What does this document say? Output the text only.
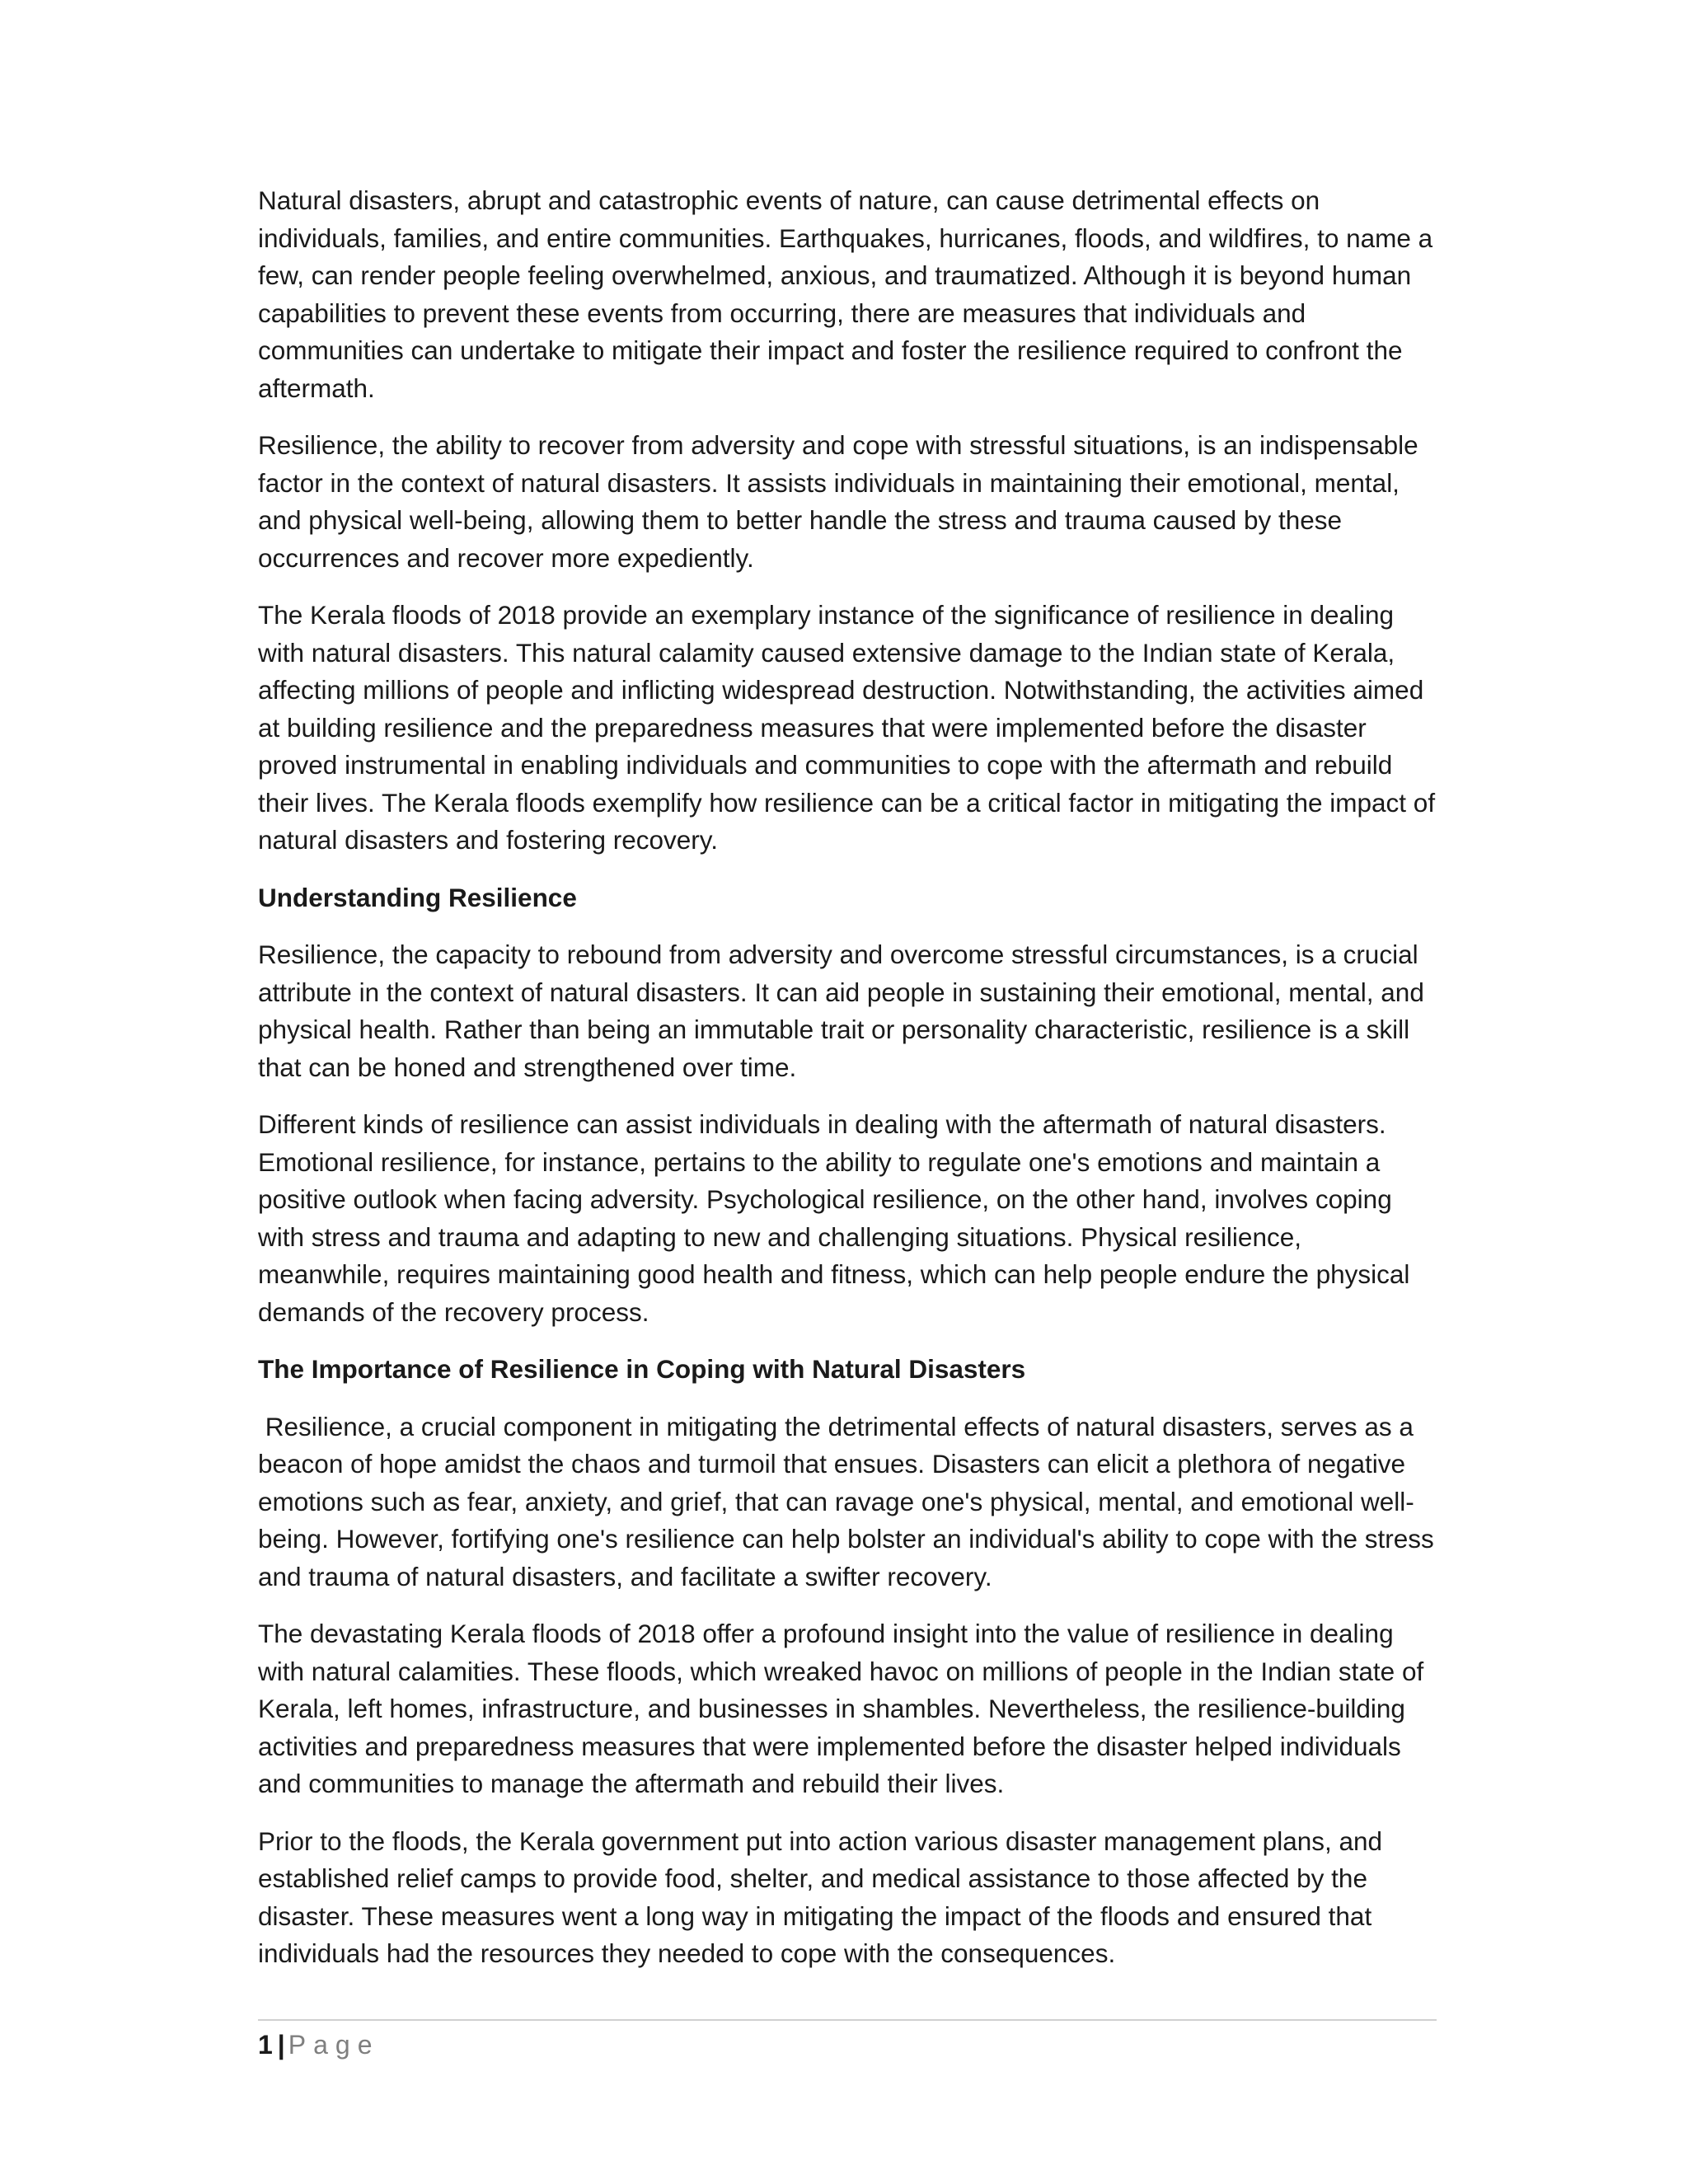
Natural disasters, abrupt and catastrophic events of nature, can cause detrimental effects on individuals, families, and entire communities. Earthquakes, hurricanes, floods, and wildfires, to name a few, can render people feeling overwhelmed, anxious, and traumatized. Although it is beyond human capabilities to prevent these events from occurring, there are measures that individuals and communities can undertake to mitigate their impact and foster the resilience required to confront the aftermath.

Resilience, the ability to recover from adversity and cope with stressful situations, is an indispensable factor in the context of natural disasters. It assists individuals in maintaining their emotional, mental, and physical well-being, allowing them to better handle the stress and trauma caused by these occurrences and recover more expediently.

The Kerala floods of 2018 provide an exemplary instance of the significance of resilience in dealing with natural disasters. This natural calamity caused extensive damage to the Indian state of Kerala, affecting millions of people and inflicting widespread destruction. Notwithstanding, the activities aimed at building resilience and the preparedness measures that were implemented before the disaster proved instrumental in enabling individuals and communities to cope with the aftermath and rebuild their lives. The Kerala floods exemplify how resilience can be a critical factor in mitigating the impact of natural disasters and fostering recovery.

Understanding Resilience

Resilience, the capacity to rebound from adversity and overcome stressful circumstances, is a crucial attribute in the context of natural disasters. It can aid people in sustaining their emotional, mental, and physical health. Rather than being an immutable trait or personality characteristic, resilience is a skill that can be honed and strengthened over time.

Different kinds of resilience can assist individuals in dealing with the aftermath of natural disasters. Emotional resilience, for instance, pertains to the ability to regulate one's emotions and maintain a positive outlook when facing adversity. Psychological resilience, on the other hand, involves coping with stress and trauma and adapting to new and challenging situations. Physical resilience, meanwhile, requires maintaining good health and fitness, which can help people endure the physical demands of the recovery process.

The Importance of Resilience in Coping with Natural Disasters

Resilience, a crucial component in mitigating the detrimental effects of natural disasters, serves as a beacon of hope amidst the chaos and turmoil that ensues. Disasters can elicit a plethora of negative emotions such as fear, anxiety, and grief, that can ravage one's physical, mental, and emotional well-being. However, fortifying one's resilience can help bolster an individual's ability to cope with the stress and trauma of natural disasters, and facilitate a swifter recovery.

The devastating Kerala floods of 2018 offer a profound insight into the value of resilience in dealing with natural calamities. These floods, which wreaked havoc on millions of people in the Indian state of Kerala, left homes, infrastructure, and businesses in shambles. Nevertheless, the resilience-building activities and preparedness measures that were implemented before the disaster helped individuals and communities to manage the aftermath and rebuild their lives.

Prior to the floods, the Kerala government put into action various disaster management plans, and established relief camps to provide food, shelter, and medical assistance to those affected by the disaster. These measures went a long way in mitigating the impact of the floods and ensured that individuals had the resources they needed to cope with the consequences.

1 | Page
